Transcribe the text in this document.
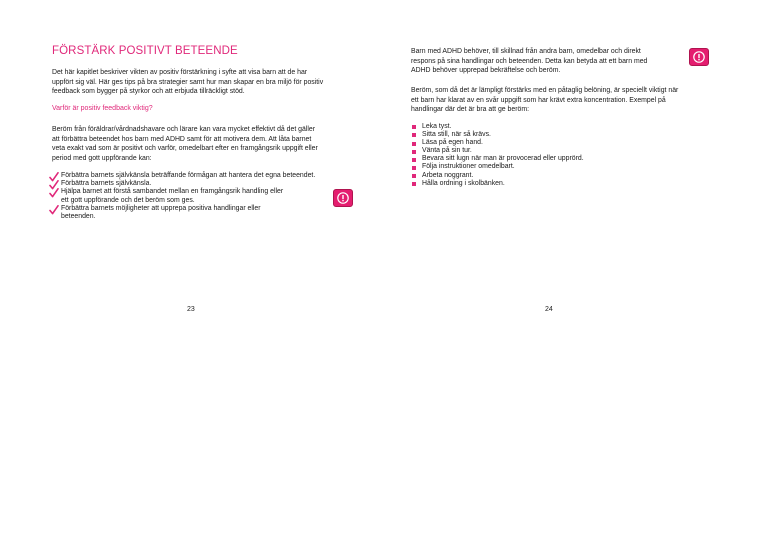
FÖRSTÄRK POSITIVT BETEENDE

Det här kapitlet beskriver vikten av positiv förstärkning i syfte att visa barn att de har
uppfört sig väl. Här ges tips på bra strategier samt hur man skapar en bra miljö för positiv
feedback som bygger på styrkor och att erbjuda tillräckligt stöd.

Varför är positiv feedback viktig?

Beröm från föräldrar/vårdnadshavare och lärare kan vara mycket effektivt då det gäller
att förbättra beteendet hos barn med ADHD samt för att motivera dem. Att låta barnet
veta exakt vad som är positivt och varför, omedelbart efter en framgångsrik uppgift eller
period med gott uppförande kan:

Förbättra barnets självkänsla beträffande förmågan att hantera det egna beteendet.
Förbättra barnets självkänsla.
Hjälpa barnet att förstå sambandet mellan en framgångsrik handling eller
ett gott uppförande och det beröm som ges.
Förbättra barnets möjligheter att upprepa positiva handlingar eller
beteenden.
23

Barn med ADHD behöver, till skillnad från andra barn, omedelbar och direkt
respons på sina handlingar och beteenden. Detta kan betyda att ett barn med
ADHD behöver upprepad bekräftelse och beröm.

Beröm, som då det är lämpligt förstärks med en påtaglig belöning, är speciellt viktigt när
ett barn har klarat av en svår uppgift som har krävt extra koncentration. Exempel på
handlingar där det är bra att ge beröm:

24
Leka tyst.
Sitta still, när så krävs.
Läsa på egen hand.
Vänta på sin tur.
Bevara sitt lugn när man är provocerad eller upprörd.
Följa instruktioner omedelbart.
Arbeta noggrant.
Hålla ordning i skolbänken.
